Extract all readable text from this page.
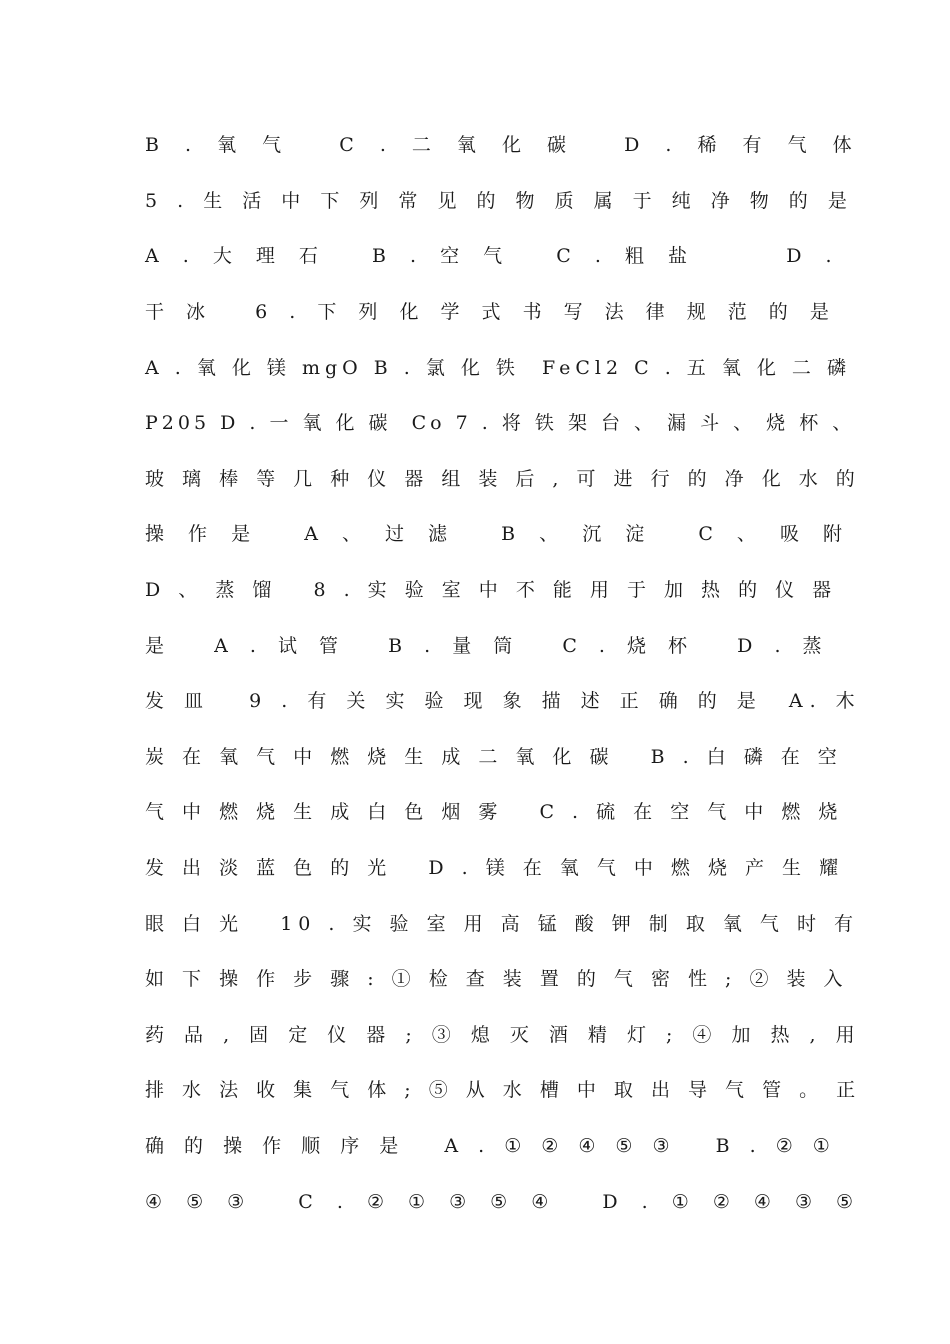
B . 氧 气   C . 二 氧 化 碳   D . 稀 有 气 体
5 . 生 活 中 下 列 常 见 的 物 质 属 于 纯 净 物 的 是
A . 大 理 石   B . 空 气   C . 粗 盐      D .
干 冰   6 . 下 列 化 学 式 书 写 法 律 规 范 的 是
A . 氧 化 镁 mgO B . 氯 化 铁  FeCl2 C . 五 氧 化 二 磷
P205 D . 一 氧 化 碳  Co 7 . 将 铁 架 台 、 漏 斗 、 烧 杯 、
玻 璃 棒 等 几 种 仪 器 组 装 后 , 可 进 行 的 净 化 水 的
操 作 是   A 、 过 滤   B 、 沉 淀   C 、 吸 附
D 、 蒸 馏   8 . 实 验 室 中 不 能 用 于 加 热 的 仪 器
是   A . 试 管   B . 量 筒   C . 烧 杯   D . 蒸
发 皿   9 . 有 关 实 验 现 象 描 述 正 确 的 是  A. 木
炭 在 氧 气 中 燃 烧 生 成 二 氧 化 碳   B . 白 磷 在 空
气 中 燃 烧 生 成 白 色 烟 雾   C . 硫 在 空 气 中 燃 烧
发 出 淡 蓝 色 的 光   D . 镁 在 氧 气 中 燃 烧 产 生 耀
眼 白 光   10 . 实 验 室 用 高 锰 酸 钾 制 取 氧 气 时 有
如 下 操 作 步 骤 : ① 检 查 装 置 的 气 密 性 ; ② 装 入
药 品 , 固 定 仪 器 ; ③ 熄 灭 酒 精 灯 ; ④ 加 热 , 用
排 水 法 收 集 气 体 ; ⑤ 从 水 槽 中 取 出 导 气 管 。 正
确 的 操 作 顺 序 是   A . ① ② ④ ⑤ ③   B . ② ①
④ ⑤ ③   C . ② ① ③ ⑤ ④   D . ① ② ④ ③ ⑤
